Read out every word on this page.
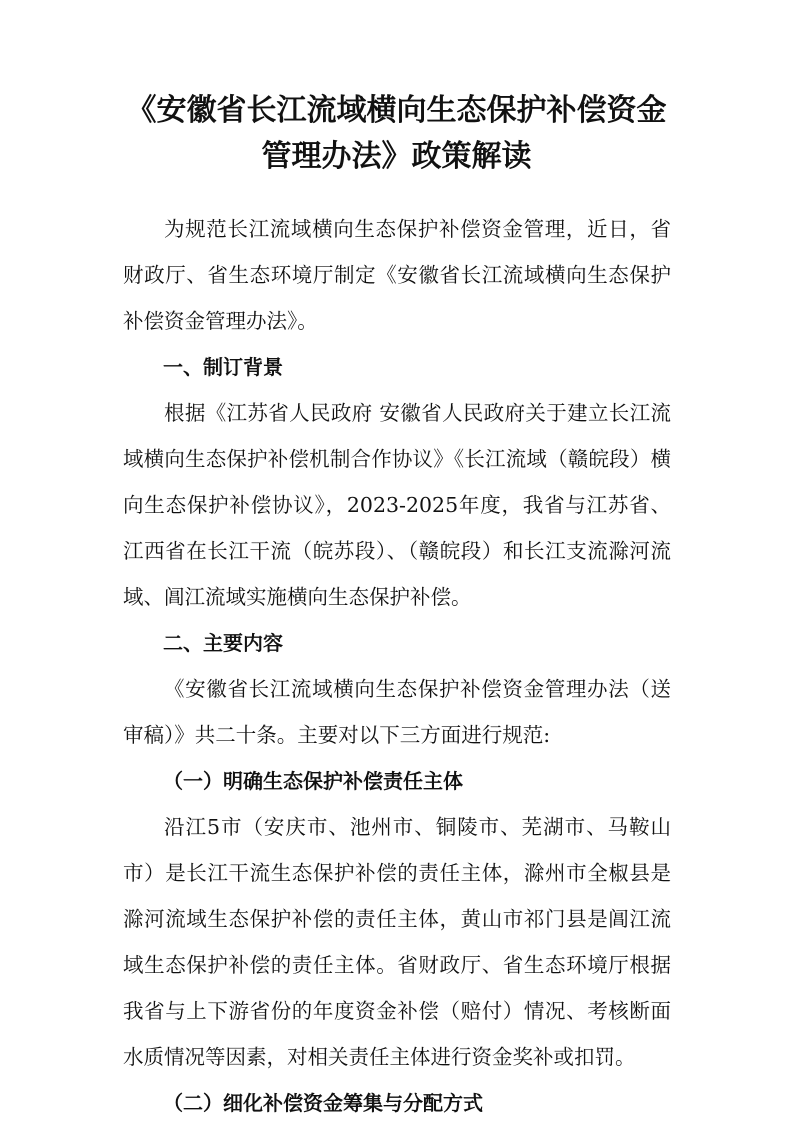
《安徽省长江流域横向生态保护补偿资金
管理办法》政策解读

为规范长江流域横向生态保护补偿资金管理，近日，省财政厅、省生态环境厅制定《安徽省长江流域横向生态保护补偿资金管理办法》。

一、制订背景

根据《江苏省人民政府 安徽省人民政府关于建立长江流域横向生态保护补偿机制合作协议》《长江流域（赣皖段）横向生态保护补偿协议》，2023-2025年度，我省与江苏省、江西省在长江干流（皖苏段）、（赣皖段）和长江支流滁河流域、阊江流域实施横向生态保护补偿。

二、主要内容

《安徽省长江流域横向生态保护补偿资金管理办法（送审稿）》共二十条。主要对以下三方面进行规范:

（一）明确生态保护补偿责任主体

沿江5市（安庆市、池州市、铜陵市、芜湖市、马鞍山市）是长江干流生态保护补偿的责任主体，滁州市全椒县是滁河流域生态保护补偿的责任主体，黄山市祁门县是阊江流域生态保护补偿的责任主体。省财政厅、省生态环境厅根据我省与上下游省份的年度资金补偿（赔付）情况、考核断面水质情况等因素，对相关责任主体进行资金奖补或扣罚。

（二）细化补偿资金筹集与分配方式
